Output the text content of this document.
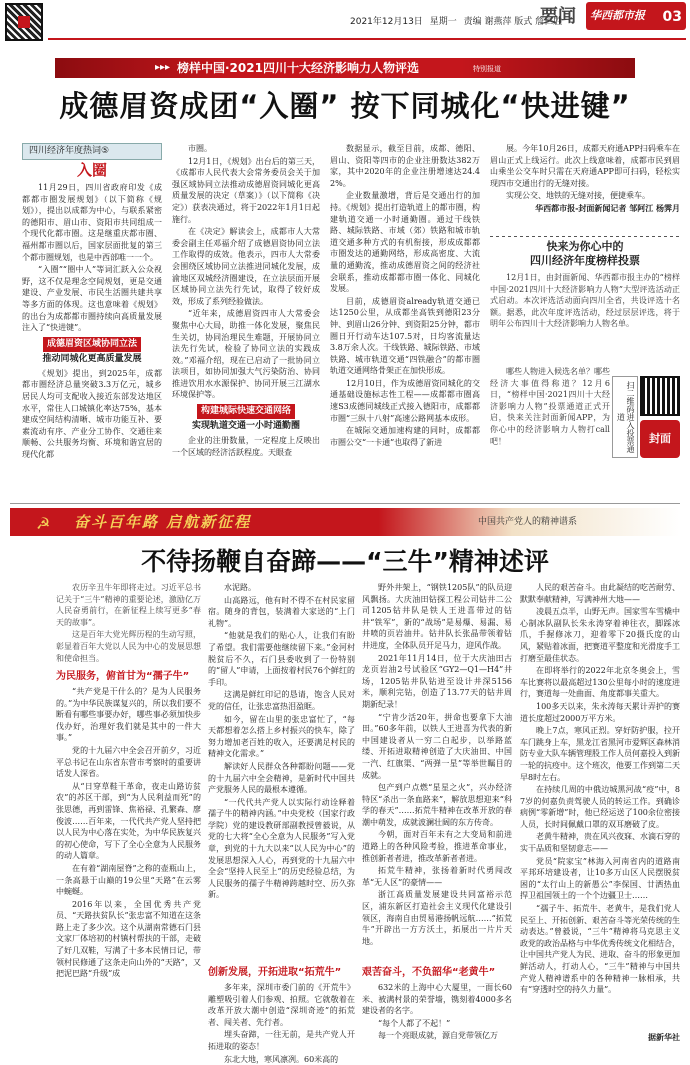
2021年12月13日 星期一 责编 谢燕萍 版式 詹仁胜
要闻 华西都市报 03
▸▸▸ 榜样中国·2021四川十大经济影响力人物评选	特别报道
成德眉资成团“入圈” 按下同城化“快进键”
四川经济年度热词⑤
入圈

11月29日，四川省政府印发《成都都市圈发展规划》（以下简称《规划》），提出以成都为中心，与联系紧密的德阳市、眉山市、资阳市共同组成一个现代化都市圈。这是继重庆都市圈、福州都市圈以后，国家层面批复的第三个都市圈规划，也是中西部唯一一个。

“入圈”“圈中人”等词汇跃入公众视野，这不仅是理念空间规划，更是交通建设、产业发展、市民生活圈共建共享等多方面的体现。这也意味着《规划》的出台为成都都市圈持续向高质量发展注入了“快进键”。

成德眉资区域协同立法
推动同城化更高质量发展

《规划》提出，到2025年，成都都市圈经济总量突破3.3万亿元，城乡居民人均可支配收入接近东部发达地区水平，常住人口城镇化率达75%，基本建成空间结构清晰、城市功能互补、要素流动有序、产业分工协作、交通往来顺畅、公共服务均衡、环境和谐宜居的现代化都

市圈。

12月1日，《规划》出台后的第三天，《成都市人民代表大会常务委员会关于加强区域协同立法推动成德眉资同城化更高质量发展的决定（草案）》（以下简称《决定》）获表决通过，将于2022年1月1日起施行。

在《决定》解读会上，成都市人大常委会副主任邓福介绍了成德眉资协同立法工作取得的成效。他表示，四市人大常委会围绕区域协同立法推进同城化发展，成渝地区双城经济圈建设，在立法层面开展区域协同立法先行先试，取得了较好成效，形成了系列经验做法。

“近年来，成德眉资四市人大常委会聚焦中心大局，助推一体化发展，聚焦民生关切，协同治理民生难题，开展协同立法先行先试，检验了协同立法的实践成效。”邓福介绍，现在已启动了一批协同立法项目，如协同加强大气污染防治、协同推进饮用水水源保护、协同开展三江湖水环境保护等。

构建城际快速交通网络
实现轨道交通一小时通勤圈

企业的注册数量，一定程度上反映出一个区域的经济活跃程度。天眼查

数据显示，截至目前，成都、德阳、眉山、资阳等四市的企业注册数达382万家，其中2020年的企业注册增速达24.42%。

企业数量激增，背后是交通出行的加持。《规划》提出打造轨道上的都市圈，构建轨道交通一小时通勤圈。通过干线铁路、城际铁路、市域（郊）铁路和城市轨道交通多种方式的有机衔接，形成成都都市圈发达的通勤网络，形成高密度、大流量的通勤流，推动成德眉资之间的经济社会联系，推动成都都市圈一体化、同城化发展。

目前，成德眉资already轨道交通已达1250公里，从成都坐高铁到德阳23分钟、到眉山26分钟、到资阳25分钟，都市圈日开行动车达107.5对，日均客流量达3.8万余人次。干线铁路、城际铁路、市域铁路、城市轨道交通“四铁融合”的都市圈轨道交通网络骨架正在加快形成。

12月10日，作为成德眉资同城化的交通基础设施标志性工程——成都都市圈高速S3成德同城线正式接入德阳市，成都都市圈“三纵十八射”高速公路网基本成形。

在城际交通加速构建的同时，成都都市圈公交“一卡通”也取得了新进

展。今年10月26日，成都天府通APP扫码乘车在眉山正式上线运行。此次上线意味着，成都市民到眉山乘坐公交车时只需在天府通APP即可扫码，轻松实现四市交通出行的无缝对接。

实现公交、地铁的无缝对接，便捷乘车。

华西都市报-封面新闻记者 邹阿江 杨霁月
快来为你心中的
四川经济年度榜样投票

12月1日，由封面新闻、华西都市报主办的“榜样中国·2021四川十大经济影响力人物”大型评选活动正式启动。本次评选活动面向四川全省，共设评选十名额。据悉，此次年度评选活动，经过层层评选，将于明年公布四川十大经济影响力人物名单。

哪些人物进入候选名单？哪些经济大事值得称道？12月6日，“榜样中国·2021四川十大经济影响力人物”投票通道正式开启，快来关注封面新闻APP，为你心中的经济影响力人物打call吧！	扫二维码进入投票通道
封面
☭ 奋斗百年路 启航新征程	中国共产党人的精神谱系
不待扬鞭自奋蹄——“三牛”精神述评

农历辛丑牛年即将走过。习近平总书记关于“三牛”精神的重要论述，激励亿万人民奋勇前行，在新征程上续写更多“春天的故事”。

这是百年大党光辉历程的生动写照，彰显着百年大党以人民为中心的发展思想和使命担当。

为民服务，俯首甘为“孺子牛”

“共产党是干什么的？是为人民服务的。”为中华民族谋复兴的，所以我们要不断看有哪些事要办好，哪些事必须加快步伐办好，治理好我们就是其中的一件大事。”

党的十九届六中全会召开前夕，习近平总书记在山东省东营市考察时的重要讲话发人深省。

从“日穿草鞋干革命，夜走山路访贫农”的苏区干部，到“为人民利益而死”的张思德，再到雷锋、焦裕禄、孔繁森、廖俊波……百年来，一代代共产党人坚持把以人民为中心落在实处，为中华民族复兴的初心使命，写下了全心全意为人民服务的动人篇章。

在有着“湖南屋脊”之称的壶瓶山上，一条高悬于山巅的19公里“天路”在云雾中蜿蜒。

2016年以来，全国优秀共产党员、“天路扶贫队长”张忠富不知道在这条路上走了多少次。这个从湖南常德石门县文家厂体培初的村镇村帮扶的干部，走破了好几双鞋，写满了十多本民情日记，带领村民修通了这条走向山外的“天路”，又把泥巴路“升级”成

水泥路。

山高路远，他有时不得不在村民家留宿。随身的背包，装满着大家送的“上门礼物”。

“他就是我们的贴心人，让我们有盼了希望。我们需要他继续留下来。”金河村脱贫后不久，石门县委收到了一份特别的“留人”申请，上面按着村民76个鲜红的手印。

这满是鲜红印记的恳请，饱含人民对党的信任，让张忠富热泪盈眶。

如今，留在山里的张忠富忙了，“每天都想着怎么搭上乡村振兴的快车，除了努力增加老百姓的收入，还要满足村民的精神文化需求。”

解读好人民群众各种都盼问题——党的十九届六中全会精神，是新时代中国共产党服务人民的最根本遵循。

“一代代共产党人以实际行动诠释着孺子牛的精神内涵。”中央党校（国家行政学院）党的建设教研部副教授曾毅说，从党的七大将“全心全意为人民服务”写入党章，到党的十九大以来“以人民为中心”的发展思想深入人心，再到党的十九届六中全会“坚持人民至上”的历史经验总结，为人民服务的孺子牛精神跨越时空、历久弥新。

创新发展，开拓进取“拓荒牛”

多年来，深圳市委门前的《开荒牛》雕塑吸引着人们参观、拍照。它就敬着在改革开放大潮中创造“深圳奇迹”的拓荒者、闯关者、先行者。

埋头奋蹄，一往无前，是共产党人开拓进取的姿态！

东北大地，寒风凛冽。60米高的

野外井架上，“钢铁1205队”的队员迎风飘扬。大庆油田钻探工程公司钻井二公司1205钻井队是铁人王进喜带过的钻井“铁军”，新的“战场”是易爆、易漏、易井喷的页岩油井。钻井队长张晶带领着钻井进度，全体队员开足马力，迎风作战。

2021年11月14日，位于大庆油田古龙页岩油2号试验区“GY2—Q1—H4”井场，1205钻井队钻进至设计井深5156米，顺利完钻，创造了13.77天的钻井周期新纪录！

“宁肯少活20年，拼命也要拿下大油田。”60多年前，以铁人王进喜为代表的新中国建设者从一穷二白起步，以举路蓝缕、开拓进取精神创造了大庆油田、中国一汽、红旗渠、“两弹一星”等举世瞩目的成就。

包产到户点燃“星星之火”，兴办经济特区“杀出一条血路来”，解放思想迎来“科学的春天”……拓荒牛精神在改革开放的春潮中萌发，成就波澜壮阔的东方传奇。

今朝，面对百年未有之大变局和前进道路上的各种风险考验，推进革命事业，推创新者者进，推改革新者者进。

拓荒牛精神，张扬着新时代勇闯改革“无人区”的豪情——

浙江高质量发展建设共同富裕示范区，浦东新区打造社会主义现代化建设引领区，海南自由贸易港扬帆远航……“拓荒牛”开辟出一方方沃土，拓展出一片片天地。

艰苦奋斗，不负韶华“老黄牛”

632米的上海中心大厦里，一面长60米、被满村景的荣誉墙，镌刻着4000多名建设者的名字。

“每个人都了不起！”

每一个亮眼成就，源自党带领亿万

人民的艰苦奋斗。由此凝结的吃苦耐劳、默默奉献精神，写满神州大地——

凌晨五点半，山野无声。国家雪车雪橇中心制冰队副队长朱永涛穿着神往衣，脚踩冰爪，手握修冰刀，迎着零下20摄氏度的山风，紧贴着冰面，把赛道平整度和光滑度手工打磨至最佳状态。

在即将举行的2022年北京冬奥会上，雪车比赛将以最高超过130公里每小时的速度进行，赛道每一处曲面、角度都事关重大。

100多天以来，朱永涛每天累计弄护的赛道长度超过2000万平方米。

晚上7点，寒风正烈。穿好防护服，拉开车门跳身上车，黑龙江省黑河市爱辉区森林消防专业大队车辆管理股工作人员何嘉投入到新一轮的抗疫中。这个班次，他要工作到第二天早8时左右。

在持续几周的中俄边城黑河战“疫”中，87岁的何嘉负责驾驶人员的转运工作。到确诊病例“零新增”时，他已经运送了100余位密接人员，长时间佩戴口罩的双耳磨破了皮。

老黄牛精神，贵在风兴夜寐、水滴石穿的实干品质和坚韧意志——

党员“院家宝”林海入河南省内的道路南平邦环培建设者，让10多万山区人民摆脱贫困的“太行山上的新愚公”李保国、廿洒热血捍卫祖国领土的一个个边疆卫士……

“孺子牛、拓荒牛、老黄牛，是我们党人民至上、开拓创新、艰苦奋斗等光荣传统的生动表达。”曾毅说，“三牛”精神将马克思主义政党的政治品格与中华优秀传统文化相结合，让中国共产党人为民、进取、奋斗的形象更加鲜活动人，打动人心，“三牛”精神与中国共产党人精神谱系中的各种精神一脉相承，共有“穿透时空的持久力量”。

据新华社
